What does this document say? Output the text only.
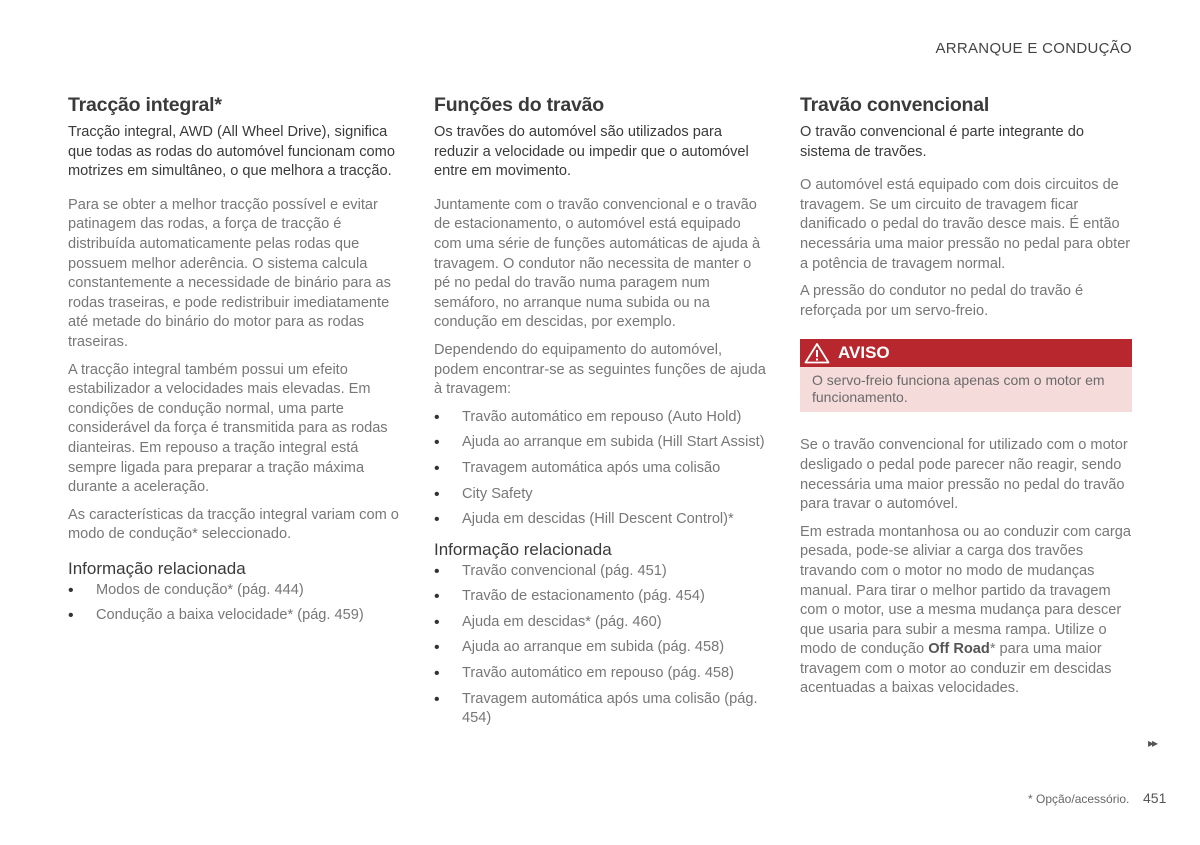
ARRANQUE E CONDUÇÃO
Tracção integral*

Tracção integral, AWD (All Wheel Drive), significa que todas as rodas do automóvel funcionam como motrizes em simultâneo, o que melhora a tracção.

Para se obter a melhor tracção possível e evitar patinagem das rodas, a força de tracção é distribuída automaticamente pelas rodas que possuem melhor aderência. O sistema calcula constantemente a necessidade de binário para as rodas traseiras, e pode redistribuir imediatamente até metade do binário do motor para as rodas traseiras.

A tracção integral também possui um efeito estabilizador a velocidades mais elevadas. Em condições de condução normal, uma parte considerável da força é transmitida para as rodas dianteiras. Em repouso a tração integral está sempre ligada para preparar a tração máxima durante a aceleração.

As características da tracção integral variam com o modo de condução* seleccionado.

Informação relacionada
• Modos de condução* (pág. 444)
• Condução a baixa velocidade* (pág. 459)
Funções do travão

Os travões do automóvel são utilizados para reduzir a velocidade ou impedir que o automóvel entre em movimento.

Juntamente com o travão convencional e o travão de estacionamento, o automóvel está equipado com uma série de funções automáticas de ajuda à travagem. O condutor não necessita de manter o pé no pedal do travão numa paragem num semáforo, no arranque numa subida ou na condução em descidas, por exemplo.

Dependendo do equipamento do automóvel, podem encontrar-se as seguintes funções de ajuda à travagem:

• Travão automático em repouso (Auto Hold)
• Ajuda ao arranque em subida (Hill Start Assist)
• Travagem automática após uma colisão
• City Safety
• Ajuda em descidas (Hill Descent Control)*
Informação relacionada
• Travão convencional (pág. 451)
• Travão de estacionamento (pág. 454)
• Ajuda em descidas* (pág. 460)
• Ajuda ao arranque em subida (pág. 458)
• Travão automático em repouso (pág. 458)
• Travagem automática após uma colisão (pág. 454)
Travão convencional

O travão convencional é parte integrante do sistema de travões.

O automóvel está equipado com dois circuitos de travagem. Se um circuito de travagem ficar danificado o pedal do travão desce mais. É então necessária uma maior pressão no pedal para obter a potência de travagem normal.

A pressão do condutor no pedal do travão é reforçada por um servo-freio.

AVISO
O servo-freio funciona apenas com o motor em funcionamento.

Se o travão convencional for utilizado com o motor desligado o pedal pode parecer não reagir, sendo necessária uma maior pressão no pedal do travão para travar o automóvel.

Em estrada montanhosa ou ao conduzir com carga pesada, pode-se aliviar a carga dos travões travando com o motor no modo de mudanças manual. Para tirar o melhor partido da travagem com o motor, use a mesma mudança para descer que usaria para subir a mesma rampa. Utilize o modo de condução Off Road* para uma maior travagem com o motor ao conduzir em descidas acentuadas a baixas velocidades.

▸▸
* Opção/acessório. 451
